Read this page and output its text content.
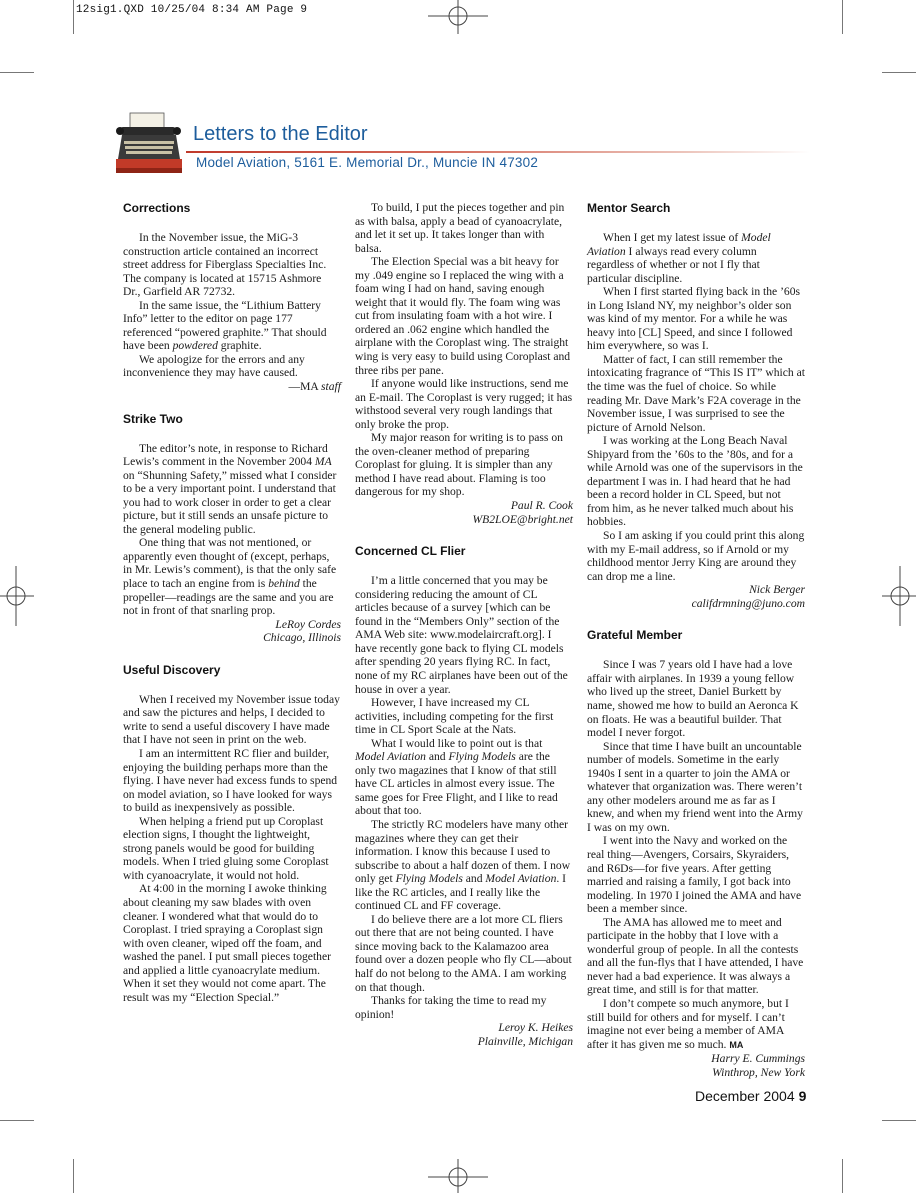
12sig1.QXD 10/25/04 8:34 AM Page 9
Letters to the Editor
Model Aviation, 5161 E. Memorial Dr., Muncie IN 47302
Corrections

In the November issue, the MiG-3 construction article contained an incorrect street address for Fiberglass Specialties Inc. The company is located at 15715 Ashmore Dr., Garfield AR 72732.

In the same issue, the “Lithium Battery Info” letter to the editor on page 177 referenced “powered graphite.” That should have been powdered graphite.

We apologize for the errors and any inconvenience they may have caused.

—MA staff

Strike Two

The editor’s note, in response to Richard Lewis’s comment in the November 2004 MA on “Shunning Safety,” missed what I consider to be a very important point. I understand that you had to work closer in order to get a clear picture, but it still sends an unsafe picture to the general modeling public.

One thing that was not mentioned, or apparently even thought of (except, perhaps, in Mr. Lewis’s comment), is that the only safe place to tach an engine from is behind the propeller—readings are the same and you are not in front of that snarling prop.

LeRoy Cordes

Chicago, Illinois

Useful Discovery

When I received my November issue today and saw the pictures and helps, I decided to write to send a useful discovery I have made that I have not seen in print on the web.

I am an intermittent RC flier and builder, enjoying the building perhaps more than the flying. I have never had excess funds to spend on model aviation, so I have looked for ways to build as inexpensively as possible.

When helping a friend put up Coroplast election signs, I thought the lightweight, strong panels would be good for building models. When I tried gluing some Coroplast with cyanoacrylate, it would not hold.

At 4:00 in the morning I awoke thinking about cleaning my saw blades with oven cleaner. I wondered what that would do to Coroplast. I tried spraying a Coroplast sign with oven cleaner, wiped off the foam, and washed the panel. I put small pieces together and applied a little cyanoacrylate medium. When it set they would not come apart. The result was my “Election Special.”

To build, I put the pieces together and pin as with balsa, apply a bead of cyanoacrylate, and let it set up. It takes longer than with balsa.

The Election Special was a bit heavy for my .049 engine so I replaced the wing with a foam wing I had on hand, saving enough weight that it would fly. The foam wing was cut from insulating foam with a hot wire. I ordered an .062 engine which handled the airplane with the Coroplast wing. The straight wing is very easy to build using Coroplast and three ribs per pane.

If anyone would like instructions, send me an E-mail. The Coroplast is very rugged; it has withstood several very rough landings that only broke the prop.

My major reason for writing is to pass on the oven-cleaner method of preparing Coroplast for gluing. It is simpler than any method I have read about. Flaming is too dangerous for my shop.

Paul R. Cook

WB2LOE@bright.net

Concerned CL Flier

I’m a little concerned that you may be considering reducing the amount of CL articles because of a survey [which can be found in the “Members Only” section of the AMA Web site: www.modelaircraft.org]. I have recently gone back to flying CL models after spending 20 years flying RC. In fact, none of my RC airplanes have been out of the house in over a year.

However, I have increased my CL activities, including competing for the first time in CL Sport Scale at the Nats.

What I would like to point out is that Model Aviation and Flying Models are the only two magazines that I know of that still have CL articles in almost every issue. The same goes for Free Flight, and I like to read about that too.

The strictly RC modelers have many other magazines where they can get their information. I know this because I used to subscribe to about a half dozen of them. I now only get Flying Models and Model Aviation. I like the RC articles, and I really like the continued CL and FF coverage.

I do believe there are a lot more CL fliers out there that are not being counted. I have since moving back to the Kalamazoo area found over a dozen people who fly CL—about half do not belong to the AMA. I am working on that though.

Thanks for taking the time to read my opinion!

Leroy K. Heikes

Plainville, Michigan

Mentor Search

When I get my latest issue of Model Aviation I always read every column regardless of whether or not I fly that particular discipline.

When I first started flying back in the ’60s in Long Island NY, my neighbor’s older son was kind of my mentor. For a while he was heavy into [CL] Speed, and since I followed him everywhere, so was I.

Matter of fact, I can still remember the intoxicating fragrance of “This IS IT” which at the time was the fuel of choice. So while reading Mr. Dave Mark’s F2A coverage in the November issue, I was surprised to see the picture of Arnold Nelson.

I was working at the Long Beach Naval Shipyard from the ’60s to the ’80s, and for a while Arnold was one of the supervisors in the department I was in. I had heard that he had been a record holder in CL Speed, but not from him, as he never talked much about his hobbies.

So I am asking if you could print this along with my E-mail address, so if Arnold or my childhood mentor Jerry King are around they can drop me a line.

Nick Berger

califdrmning@juno.com

Grateful Member

Since I was 7 years old I have had a love affair with airplanes. In 1939 a young fellow who lived up the street, Daniel Burkett by name, showed me how to build an Aeronca K on floats. He was a beautiful builder. That model I never forgot.

Since that time I have built an uncountable number of models. Sometime in the early 1940s I sent in a quarter to join the AMA or whatever that organization was. There weren’t any other modelers around me as far as I knew, and when my friend went into the Army I was on my own.

I went into the Navy and worked on the real thing—Avengers, Corsairs, Skyraiders, and R6Ds—for five years. After getting married and raising a family, I got back into modeling. In 1970 I joined the AMA and have been a member since.

The AMA has allowed me to meet and participate in the hobby that I love with a wonderful group of people. In all the contests and all the fun-flys that I have attended, I have never had a bad experience. It was always a great time, and still is for that matter.

I don’t compete so much anymore, but I still build for others and for myself. I can’t imagine not ever being a member of AMA after it has given me so much. MA

Harry E. Cummings

Winthrop, New York

December 2004 9
